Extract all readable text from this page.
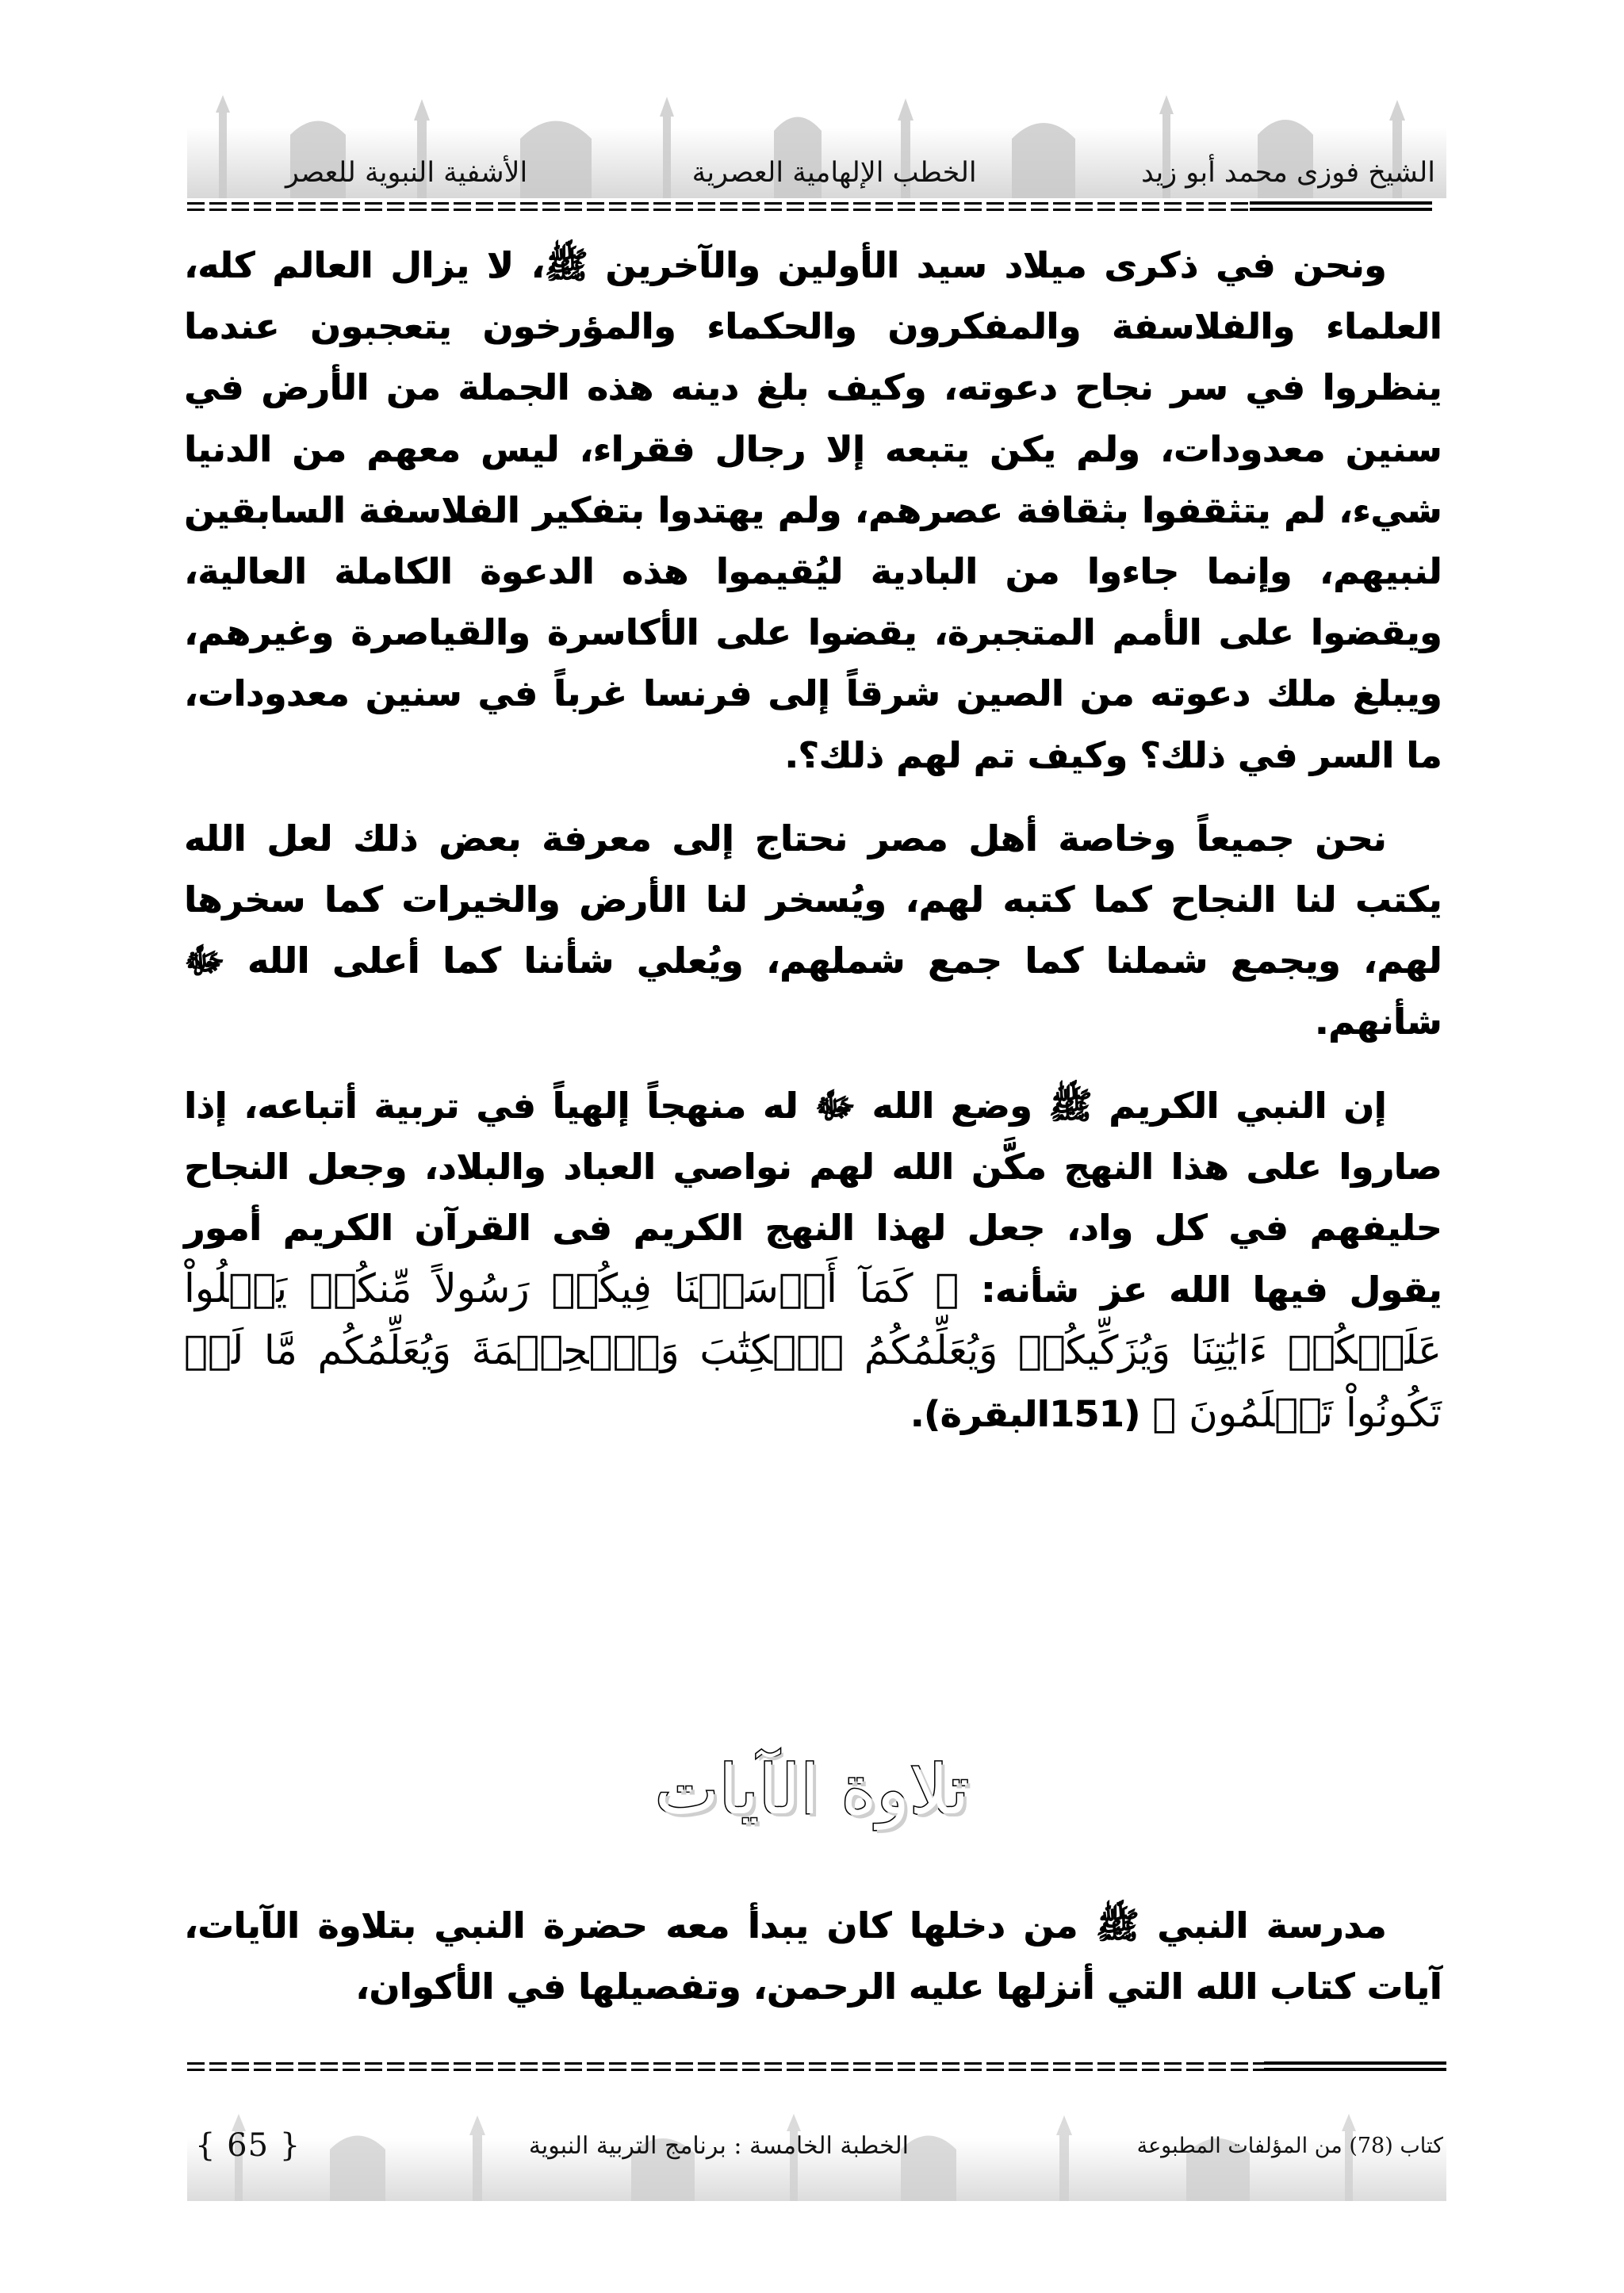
الشيخ فوزى محمد أبو زيد
الخطب الإلهامية العصرية
الأشفية النبوية للعصر

ونحن في ذكرى ميلاد سيد الأولين والآخرين ﷺ، لا يزال العالم كله، العلماء والفلاسفة والمفكرون والحكماء والمؤرخون يتعجبون عندما ينظروا في سر نجاح دعوته، وكيف بلغ دينه هذه الجملة من الأرض في سنين معدودات، ولم يكن يتبعه إلا رجال فقراء، ليس معهم من الدنيا شيء، لم يتثقفوا بثقافة عصرهم، ولم يهتدوا بتفكير الفلاسفة السابقين لنبيهم، وإنما جاءوا من البادية ليُقيموا هذه الدعوة الكاملة العالية، ويقضوا على الأمم المتجبرة، يقضوا على الأكاسرة والقياصرة وغيرهم، ويبلغ ملك دعوته من الصين شرقاً إلى فرنسا غرباً في سنين معدودات، ما السر في ذلك؟ وكيف تم لهم ذلك؟.

نحن جميعاً وخاصة أهل مصر نحتاج إلى معرفة بعض ذلك لعل الله يكتب لنا النجاح كما كتبه لهم، ويُسخر لنا الأرض والخيرات كما سخرها لهم، ويجمع شملنا كما جمع شملهم، ويُعلي شأننا كما أعلى الله ﷻ شأنهم.

إن النبي الكريم ﷺ وضع الله ﷻ له منهجاً إلهياً في تربية أتباعه، إذا صاروا على هذا النهج مكَّن الله لهم نواصي العباد والبلاد، وجعل النجاح حليفهم في كل واد، جعل لهذا النهج الكريم فى القرآن الكريم أمور يقول فيها الله عز شأنه: ﴿ كَمَآ أَرۡسَلۡنَا فِيكُمۡ رَسُولاً مِّنكُمۡ يَتۡلُواْ عَلَيۡكُمۡ ءَايَٰتِنَا وَيُزَكِّيكُمۡ وَيُعَلِّمُكُمُ ٱلۡكِتَٰبَ وَٱلۡحِكۡمَةَ وَيُعَلِّمُكُم مَّا لَمۡ تَكُونُواْ تَعۡلَمُونَ ﴾ (151البقرة).

تلاوة الآيات

مدرسة النبي ﷺ من دخلها كان يبدأ معه حضرة النبي بتلاوة الآيات، آيات كتاب الله التي أنزلها عليه الرحمن، وتفصيلها في الأكوان،

كتاب (78) من المؤلفات المطبوعة
الخطبة الخامسة : برنامج التربية النبوية
{ 65 }
